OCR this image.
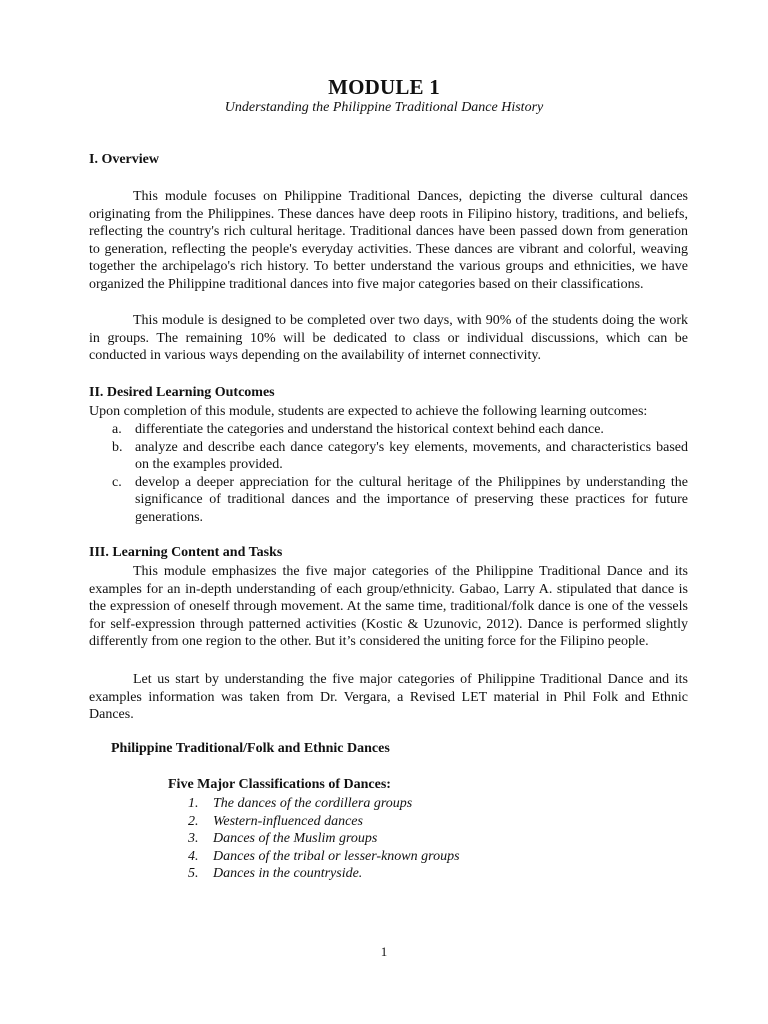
MODULE 1
Understanding the Philippine Traditional Dance History
I. Overview

This module focuses on Philippine Traditional Dances, depicting the diverse cultural dances originating from the Philippines. These dances have deep roots in Filipino history, traditions, and beliefs, reflecting the country's rich cultural heritage. Traditional dances have been passed down from generation to generation, reflecting the people's everyday activities. These dances are vibrant and colorful, weaving together the archipelago's rich history. To better understand the various groups and ethnicities, we have organized the Philippine traditional dances into five major categories based on their classifications.

This module is designed to be completed over two days, with 90% of the students doing the work in groups. The remaining 10% will be dedicated to class or individual discussions, which can be conducted in various ways depending on the availability of internet connectivity.

II. Desired Learning Outcomes

Upon completion of this module, students are expected to achieve the following learning outcomes:

a. differentiate the categories and understand the historical context behind each dance.
b. analyze and describe each dance category's key elements, movements, and characteristics based on the examples provided.
c. develop a deeper appreciation for the cultural heritage of the Philippines by understanding the significance of traditional dances and the importance of preserving these practices for future generations.
III. Learning Content and Tasks

This module emphasizes the five major categories of the Philippine Traditional Dance and its examples for an in-depth understanding of each group/ethnicity. Gabao, Larry A. stipulated that dance is the expression of oneself through movement. At the same time, traditional/folk dance is one of the vessels for self-expression through patterned activities (Kostic & Uzunovic, 2012). Dance is performed slightly differently from one region to the other. But it’s considered the uniting force for the Filipino people.

Let us start by understanding the five major categories of Philippine Traditional Dance and its examples information was taken from Dr. Vergara, a Revised LET material in Phil Folk and Ethnic Dances.

Philippine Traditional/Folk and Ethnic Dances
Five Major Classifications of Dances:
1. The dances of the cordillera groups
2. Western-influenced dances
3. Dances of the Muslim groups
4. Dances of the tribal or lesser-known groups
5. Dances in the countryside.
1
